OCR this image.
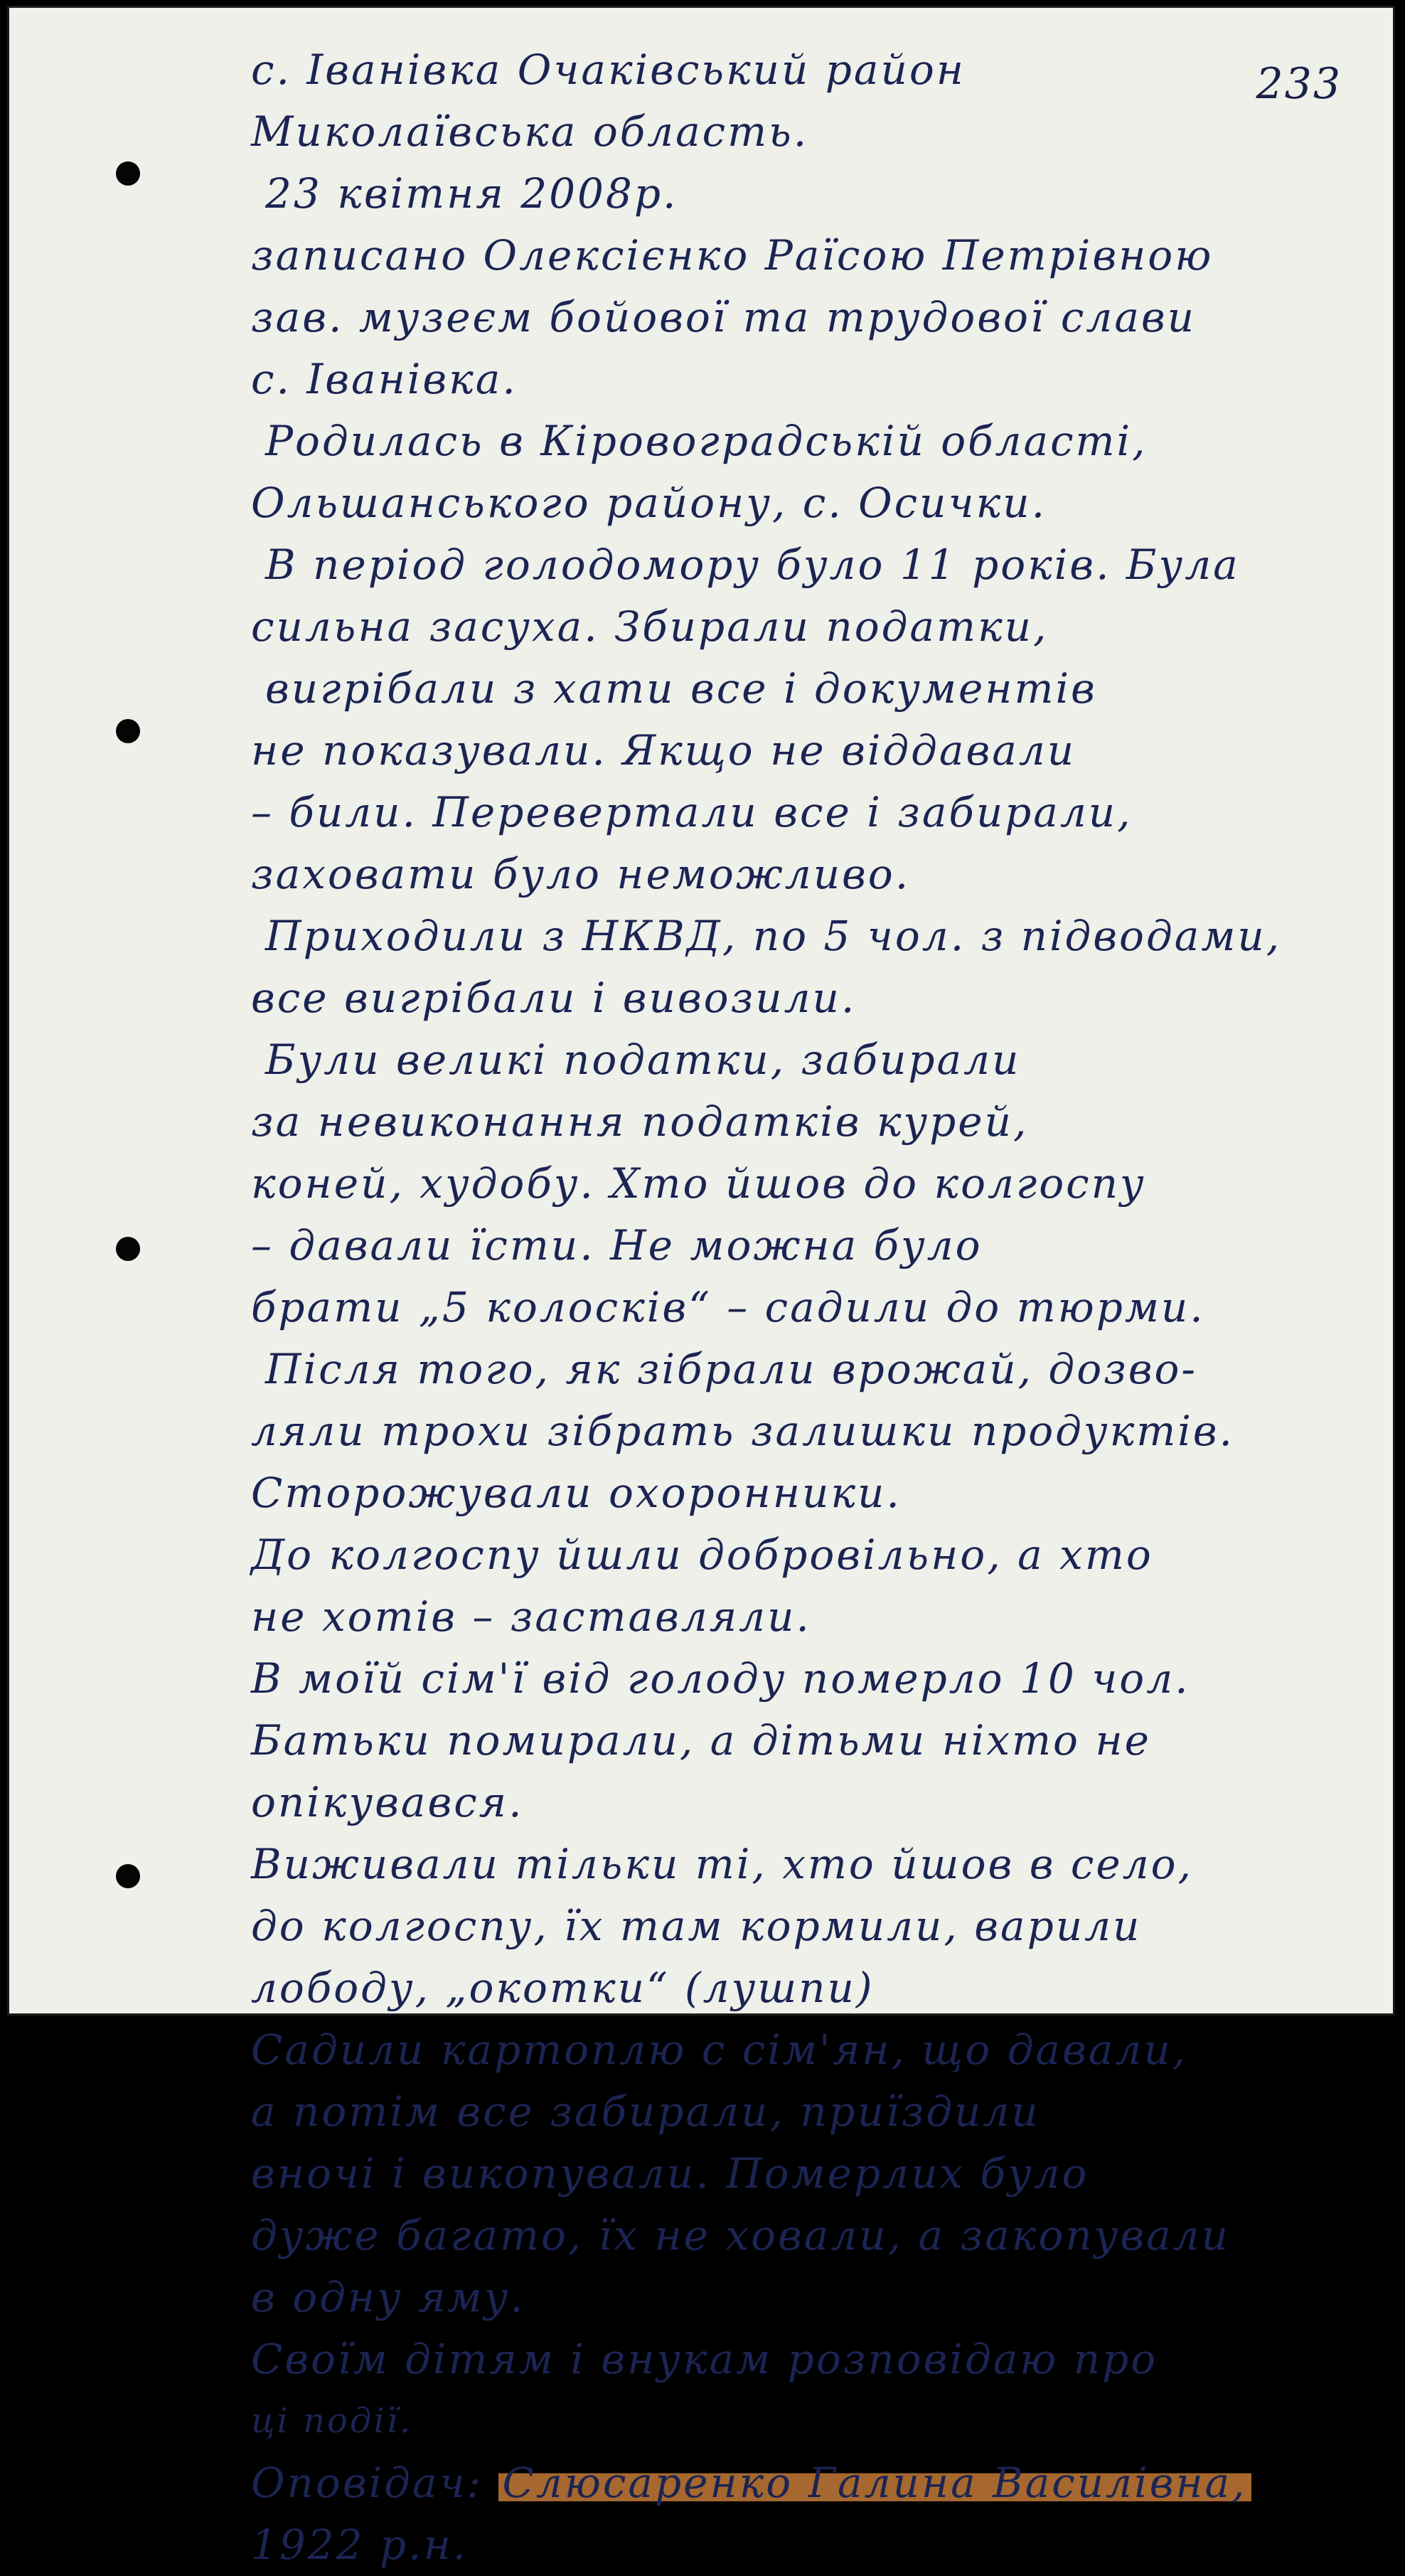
233
с. Іванівка Очаківський район
Миколаївська область.
23 квітня 2008р.
записано Олексієнко Раїсою Петрівною
зав. музеєм бойової та трудової слави
с. Іванівка.
Родилась в Кіровоградській області,
Ольшанського району, с. Осички.
В період голодомору було 11 років. Була
сильна засуха. Збирали податки,
вигрібали з хати все і документів
не показували. Якщо не віддавали
– били. Перевертали все і забирали,
заховати було неможливо.
Приходили з НКВД, по 5 чол. з підводами,
все вигрібали і вивозили.
Були великі податки, забирали
за невиконання податків курей,
коней, худобу. Хто йшов до колгоспу
– давали їсти. Не можна було
брати „5 колосків“ – садили до тюрми.
Після того, як зібрали врожай, дозво-
ляли трохи зібрать залишки продуктів.
Сторожували охоронники.
До колгоспу йшли добровільно, а хто
не хотів – заставляли.
В моїй сім'ї від голоду померло 10 чол.
Батьки помирали, а дітьми ніхто не
опікувався.
Виживали тільки ті, хто йшов в село,
до колгоспу, їх там кормили, варили
лободу, „окотки“ (лушпи)
Садили картоплю с сім'ян, що давали,
а потім все забирали, приїздили
вночі і викопували. Померлих було
дуже багато, їх не ховали, а закопували
в одну яму.
Своїм дітям і внукам розповідаю про
ці події.
Оповідач: Слюсаренко Галина Василівна,
1922 р.н.
